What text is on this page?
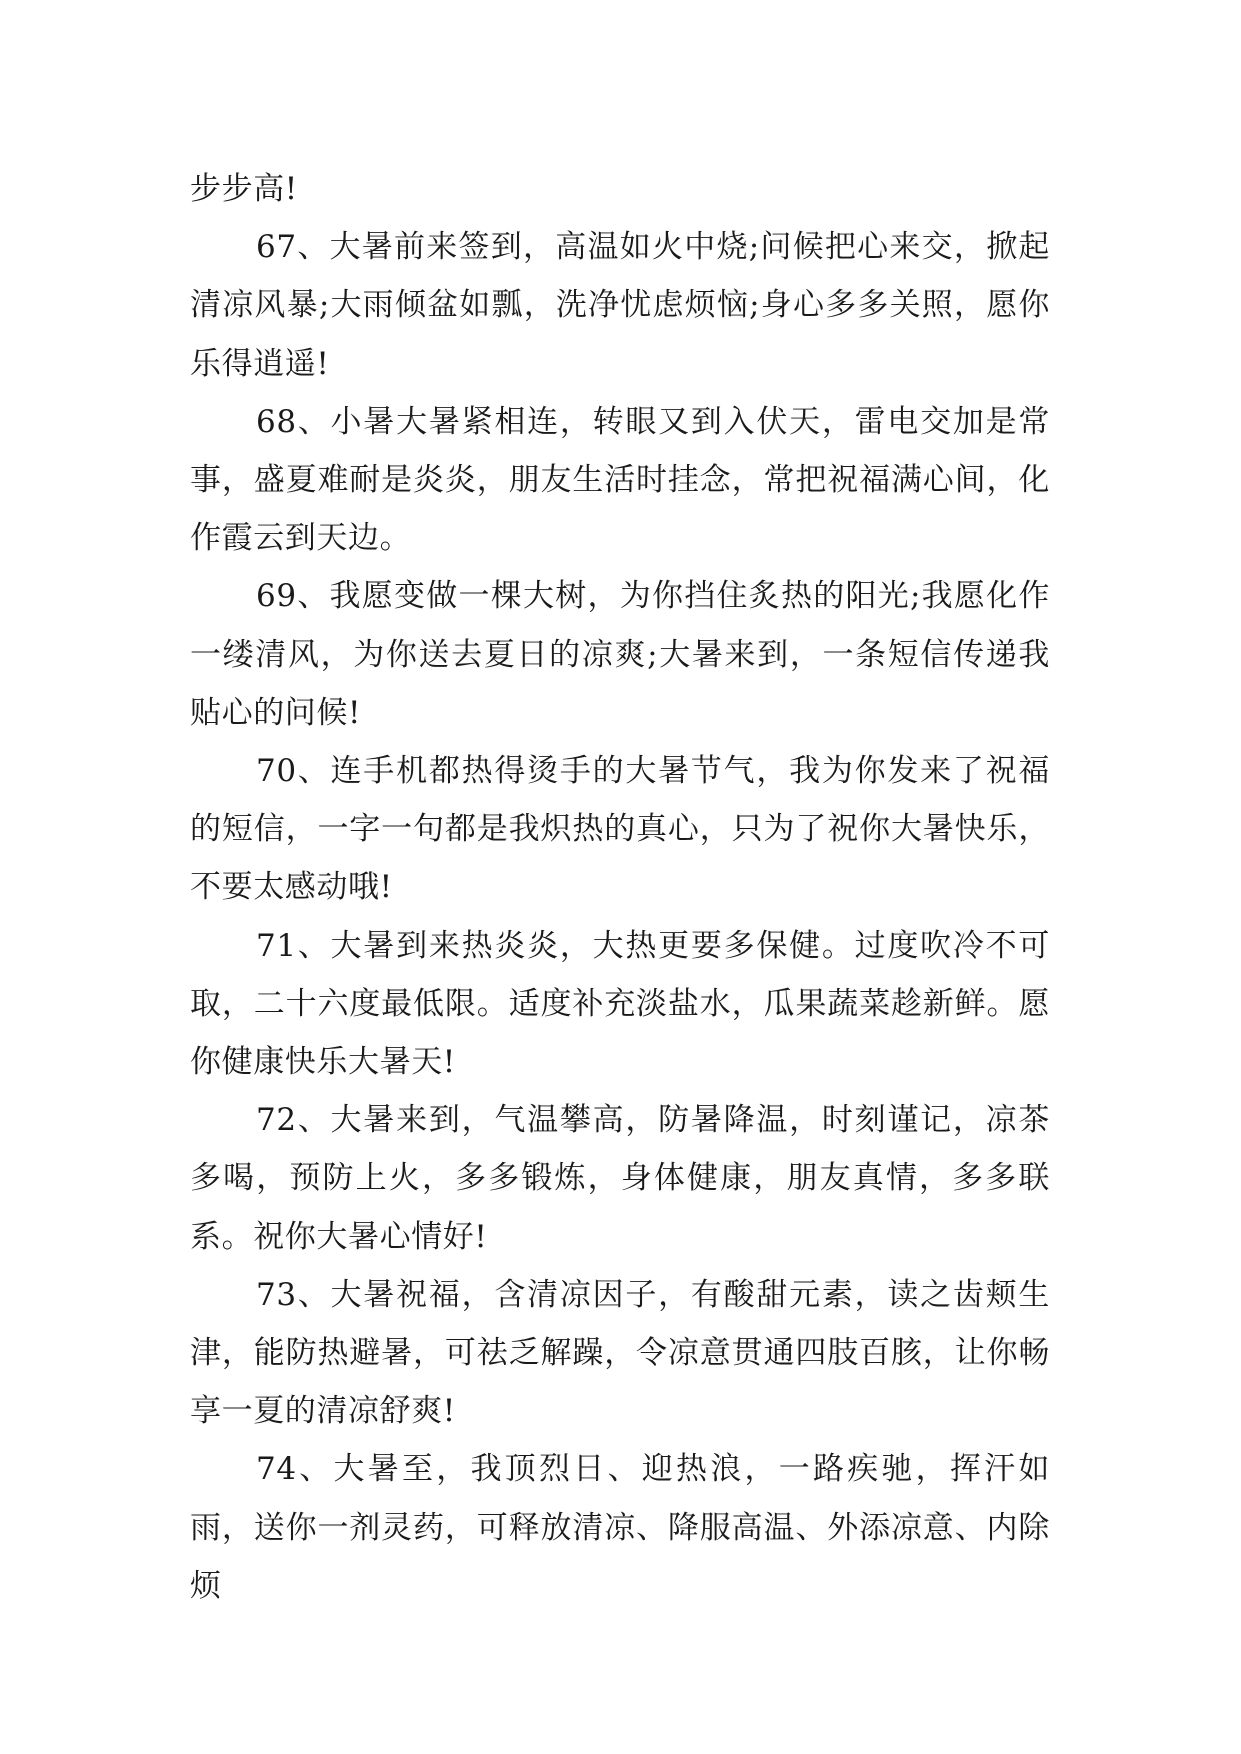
步步高!

67、大暑前来签到，高温如火中烧;问候把心来交，掀起清凉风暴;大雨倾盆如瓢，洗净忧虑烦恼;身心多多关照，愿你乐得逍遥!

68、小暑大暑紧相连，转眼又到入伏天，雷电交加是常事，盛夏难耐是炎炎，朋友生活时挂念，常把祝福满心间，化作霞云到天边。

69、我愿变做一棵大树，为你挡住炙热的阳光;我愿化作一缕清风，为你送去夏日的凉爽;大暑来到，一条短信传递我贴心的问候!

70、连手机都热得烫手的大暑节气，我为你发来了祝福的短信，一字一句都是我炽热的真心，只为了祝你大暑快乐，不要太感动哦!

71、大暑到来热炎炎，大热更要多保健。过度吹冷不可取，二十六度最低限。适度补充淡盐水，瓜果蔬菜趁新鲜。愿你健康快乐大暑天!

72、大暑来到，气温攀高，防暑降温，时刻谨记，凉茶多喝，预防上火，多多锻炼，身体健康，朋友真情，多多联系。祝你大暑心情好!

73、大暑祝福，含清凉因子，有酸甜元素，读之齿颊生津，能防热避暑，可祛乏解躁，令凉意贯通四肢百胲，让你畅享一夏的清凉舒爽!

74、大暑至，我顶烈日、迎热浪，一路疾驰，挥汗如雨，送你一剂灵药，可释放清凉、降服高温、外添凉意、内除烦
